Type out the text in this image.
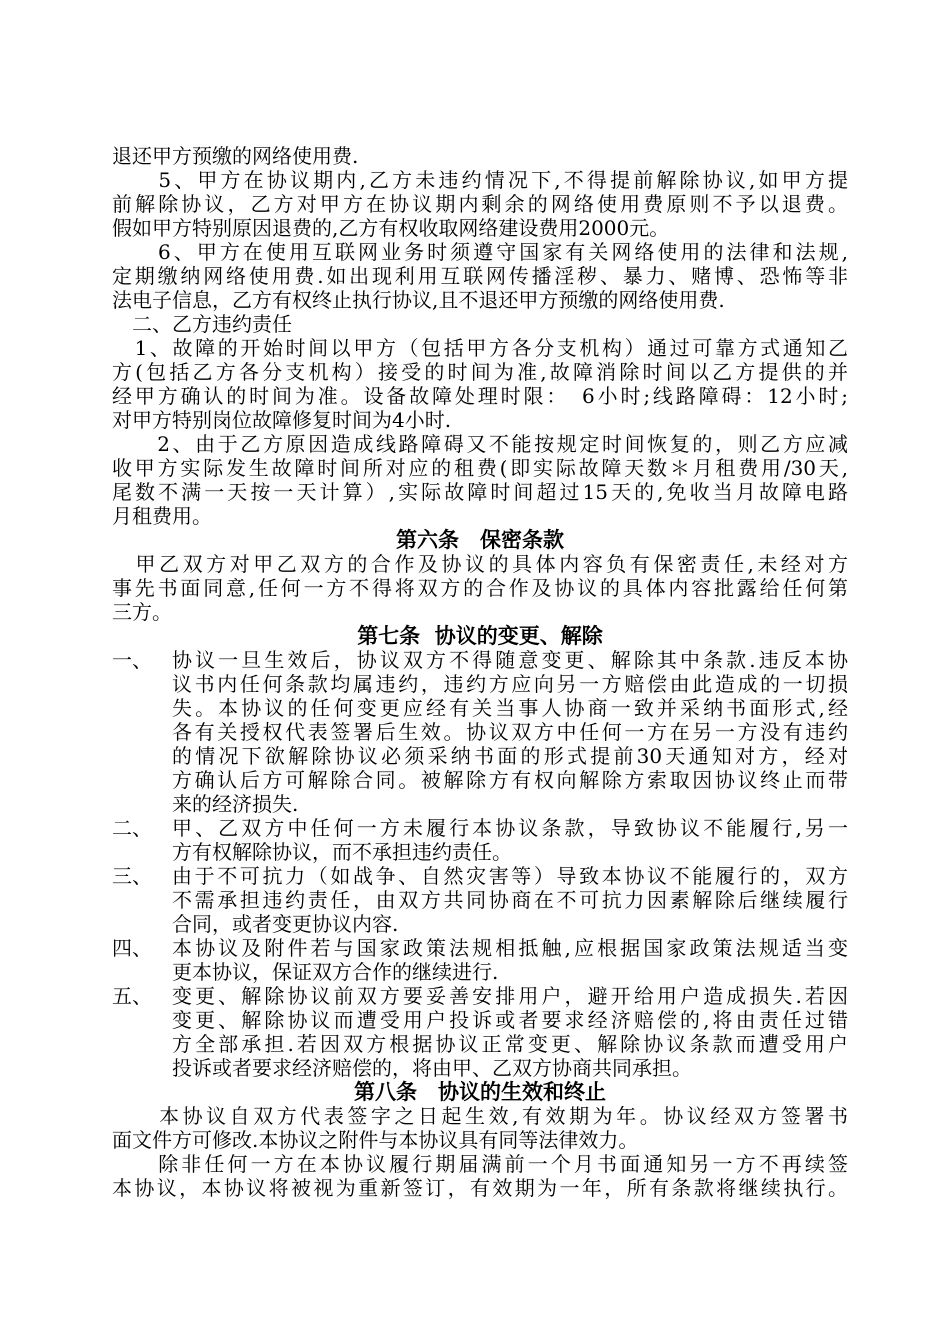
退还甲方预缴的网络使用费.
　　5、甲方在协议期内,乙方未违约情况下,不得提前解除协议,如甲方提
前解除协议，乙方对甲方在协议期内剩余的网络使用费原则不予以退费。
假如甲方特别原因退费的,乙方有权收取网络建设费用2000元。
　　6、甲方在使用互联网业务时须遵守国家有关网络使用的法律和法规,
定期缴纳网络使用费.如出现利用互联网传播淫秽、暴力、赌博、恐怖等非
法电子信息，乙方有权终止执行协议,且不退还甲方预缴的网络使用费.
　二、乙方违约责任
　1、故障的开始时间以甲方（包括甲方各分支机构）通过可靠方式通知乙
方(包括乙方各分支机构）接受的时间为准,故障消除时间以乙方提供的并
经甲方确认的时间为准。设备故障处理时限：　6小时;线路障碍：12小时;
对甲方特别岗位故障修复时间为4小时.
　　2、由于乙方原因造成线路障碍又不能按规定时间恢复的，则乙方应减
收甲方实际发生故障时间所对应的租费(即实际故障天数＊月租费用/30天,
尾数不满一天按一天计算）,实际故障时间超过15天的,免收当月故障电路
月租费用。
第六条　保密条款
　甲乙双方对甲乙双方的合作及协议的具体内容负有保密责任,未经对方
事先书面同意,任何一方不得将双方的合作及协议的具体内容批露给任何第
三方。
第七条  协议的变更、解除
一、 协议一旦生效后，协议双方不得随意变更、解除其中条款.违反本协
议书内任何条款均属违约，违约方应向另一方赔偿由此造成的一切损
失。本协议的任何变更应经有关当事人协商一致并采纳书面形式,经
各有关授权代表签署后生效。协议双方中任何一方在另一方没有违约
的情况下欲解除协议必须采纳书面的形式提前30天通知对方，经对
方确认后方可解除合同。被解除方有权向解除方索取因协议终止而带
来的经济损失.
二、 甲、乙双方中任何一方未履行本协议条款，导致协议不能履行,另一
方有权解除协议，而不承担违约责任。
三、 由于不可抗力（如战争、自然灾害等）导致本协议不能履行的，双方
不需承担违约责任，由双方共同协商在不可抗力因素解除后继续履行
合同，或者变更协议内容.
四、 本协议及附件若与国家政策法规相抵触,应根据国家政策法规适当变
更本协议，保证双方合作的继续进行.
五、 变更、解除协议前双方要妥善安排用户，避开给用户造成损失.若因
变更、解除协议而遭受用户投诉或者要求经济赔偿的,将由责任过错
方全部承担.若因双方根据协议正常变更、解除协议条款而遭受用户
投诉或者要求经济赔偿的，将由甲、乙双方协商共同承担。
第八条　协议的生效和终止
　　本协议自双方代表签字之日起生效,有效期为年。协议经双方签署书
面文件方可修改.本协议之附件与本协议具有同等法律效力。
　　除非任何一方在本协议履行期届满前一个月书面通知另一方不再续签
本协议，本协议将被视为重新签订，有效期为一年，所有条款将继续执行。
